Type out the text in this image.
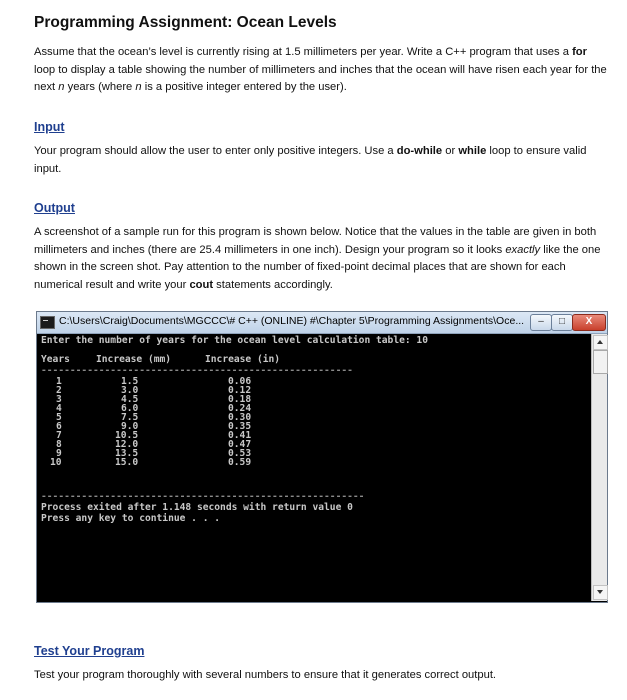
Programming Assignment: Ocean Levels
Assume that the ocean’s level is currently rising at 1.5 millimeters per year. Write a C++ program that uses a for loop to display a table showing the number of millimeters and inches that the ocean will have risen each year for the next n years (where n is a positive integer entered by the user).
Input
Your program should allow the user to enter only positive integers. Use a do-while or while loop to ensure valid input.
Output
A screenshot of a sample run for this program is shown below. Notice that the values in the table are given in both millimeters and inches (there are 25.4 millimeters in one inch). Design your program so it looks exactly like the one shown in the screen shot. Pay attention to the number of fixed-point decimal places that are shown for each numerical result and write your cout statements accordingly.
C:\Users\Craig\Documents\MGCCC\# C++ (ONLINE) #\Chapter 5\Programming Assignments\Oce...	–	□	X
Enter the number of years for the ocean level calculation table: 10
Years	Increase (mm)	Increase (in)
------------------------------------------------------
1	1.5	0.06
2	3.0	0.12
3	4.5	0.18
4	6.0	0.24
5	7.5	0.30
6	9.0	0.35
7	10.5	0.41
8	12.0	0.47
9	13.5	0.53
10	15.0	0.59
--------------------------------------------------------
Process exited after 1.148 seconds with return value 0
Press any key to continue . . .
Test Your Program
Test your program thoroughly with several numbers to ensure that it generates correct output.
